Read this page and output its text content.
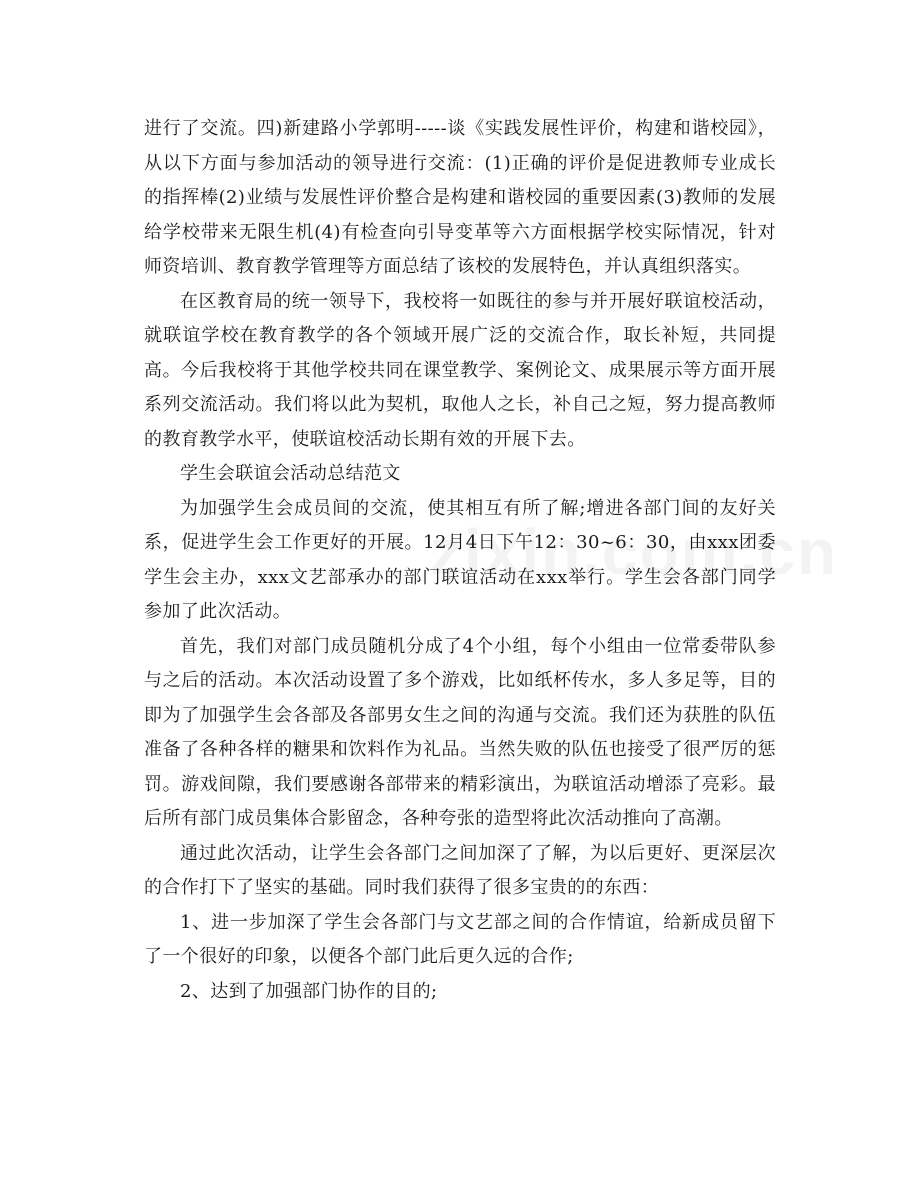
进行了交流。四)新建路小学郭明-----谈《实践发展性评价，构建和谐校园》，从以下方面与参加活动的领导进行交流：(1)正确的评价是促进教师专业成长的指挥棒(2)业绩与发展性评价整合是构建和谐校园的重要因素(3)教师的发展给学校带来无限生机(4)有检查向引导变革等六方面根据学校实际情况，针对师资培训、教育教学管理等方面总结了该校的发展特色，并认真组织落实。

在区教育局的统一领导下，我校将一如既往的参与并开展好联谊校活动，就联谊学校在教育教学的各个领域开展广泛的交流合作，取长补短，共同提高。今后我校将于其他学校共同在课堂教学、案例论文、成果展示等方面开展系列交流活动。我们将以此为契机，取他人之长，补自己之短，努力提高教师的教育教学水平，使联谊校活动长期有效的开展下去。

学生会联谊会活动总结范文

为加强学生会成员间的交流，使其相互有所了解;增进各部门间的友好关系，促进学生会工作更好的开展。12月4日下午12：30~6：30，由xxx团委学生会主办，xxx文艺部承办的部门联谊活动在xxx举行。学生会各部门同学参加了此次活动。

首先，我们对部门成员随机分成了4个小组，每个小组由一位常委带队参与之后的活动。本次活动设置了多个游戏，比如纸杯传水，多人多足等，目的即为了加强学生会各部及各部男女生之间的沟通与交流。我们还为获胜的队伍准备了各种各样的糖果和饮料作为礼品。当然失败的队伍也接受了很严厉的惩罚。游戏间隙，我们要感谢各部带来的精彩演出，为联谊活动增添了亮彩。最后所有部门成员集体合影留念，各种夸张的造型将此次活动推向了高潮。

通过此次活动，让学生会各部门之间加深了了解，为以后更好、更深层次的合作打下了坚实的基础。同时我们获得了很多宝贵的的东西：

1、进一步加深了学生会各部门与文艺部之间的合作情谊，给新成员留下了一个很好的印象，以便各个部门此后更久远的合作;

2、达到了加强部门协作的目的;
